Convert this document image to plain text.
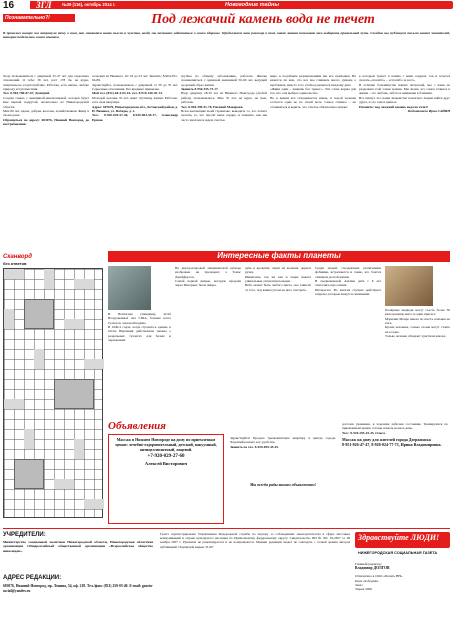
16 ЗГЛ №39 (116), октябрь 2014 г.	Новогодние тайны
Познавательно?!	Под лежачий камень вода не течет
В прошлом номере мы затронули тему о том, как меняются наши мысли и чувства, когда мы начинаем заботиться о своем здоровье. Продолжаем наш разговор о том, какие знания помогают нам выбирать правильный путь. Сегодня мы публикуем письма наших читателей, которые поделились своим опытом.

Хочу познакомиться с девушкой 25-37 лет для серьезных отношений. О себе: 36 лет, рост 178 см, не курю, спиртным не злоупотребляю. Работаю, есть жилье, люблю природу и путешествия.

Тел. 8-904-780-07-67, Дмитрий.

Создам семью с женщиной-пенсионеркой, которая будет мне верной подругой, желательно из Нижегородской области.

Мне 60 лет, вдова, добрая, веселая, хозяйственная. Живу в своем доме.

Обращаться по адресу: 603076, Нижний Новгород, до востребования.

сельских из Нижнего. От 18 до 23 лет. Звонить: 8-904-051-64-89.

Здравствуйте, познакомлюсь с девушкой от 30 до 35 лет. Серьезные отношения. Без вредных привычек.

Мой тел. (831)-60-4-03-16, тел. 8-910-140-45-14.

Молодой человек 35 лет, ищет спутницу жизни. Работаю, есть своя квартира.

Адрес: 607670, Нижегородская обл., Кстовский район, д. Н. Вязовка, ул. Победы, д. 2.

Тел.: 8-920-020-57-46, 8-920-004-56-17, Александр Ершов.

группы по общему заболеванию, работаю. Желаю познакомиться с одинокой женщиной 50-60 лет, ведущей здоровый образ жизни.

Звонить 8-950-355-73-17.

Надо девушку 28-35 лет из Нижнего Новгорода (любой район), познакомлюсь. Мне 35 лет, не курю, не пью, работаю.

Тел. 8-904-390-91-78, Евгений Макарова.

Всем желающим моей страничке, выводите то, что хотите сказать, то, что просят ваше сердце, и помните, как мы часто мечтаем и ждем счастья.

виде, к подобным размышлениям мы все приходим. Не кажется ли вам, что все мы слишком много думаем о проблемах, вместо того чтобы радоваться каждому дню.

«Живи один – живешь без тревог». Эти слова верны для тех, кто сам выбрал одиночество.

Но в жизни все складывается иначе, и порой человек остается один не по своей воле. Самое главное – не отчаиваться и верить, что счастье обязательно придет.

к которым трепет в наших с вами сердцах, так и хочется сказать «спасибо» – «Спасибо за все!».

В отличие большинства наших читателей, мы с вами не разделяем этой точки зрения. Мы знаем, что самое главное в жизни – это любовь, забота и внимание к близким.

Все пишут, что наши знакомства помогают людям найти друг друга, и это самое ценное.

Помните: под лежачий камень вода не течет!

Подготовила Ирма САЙИН

Сканворд
без ответов
Интересные факты планеты

В Пентагоне (Америка), штаб Вооруженных сил США, больше всего туалетов, чем необходимо.

В 1940-х годах, когда строилось здание, в штате Виргиния действовали законы о раздельных туалетах для белых и чернокожих.

На двухдолларовой американской купюре изображен не президент, а Томас Джефферсон.

Самой первой вещью, которую продали через Интернет, была пицца.

дить в кроватях, сидят на коленях, держат ручку.

Шимпанзе, так же как и люди, имеют уникальные отпечатки пальцев.

Небо может быть любого цвета, оно зависит от того, под каким углом на него смотреть.

Среди людей, страдающих различными фобиями, встречаются и такие, кто боится слишком долгой жизни.

В средневековой Англии дети с 6 лет считались взрослыми.

Интересно: Во многих странах действуют запреты, которые кажутся смешными.

Полярные медведи могут съесть более 30 килограммов мяса за один присест.

Мэрилин Монро имела по шесть пальцев на ноге.

Кроме человека, только слоны могут стоять на голове.

Только человек обладает чувством юмора.

Объявления

Массаж в Нижнем Новгороде на дому по приемлемым ценам: лечебно-оздоровительный, детский, вакуумный, антицеллюлитный, лицевой.

+7-920-029-27-60

Алексей Висторович

Здравствуйте! Продаю трехкомнатную квартиру в центре города. Хороший ремонт, все удобства.

Звонить по тел. 8-920-099-45-45.

Мы всегда рады вашим объявлениям!

достоин уважения, в хорошем рабочем состоянии. Тренируемся по приемлемым ценам, готовы помочь на весь день.

Тел.: 8-920-295-45-45. Ольга.

Массаж на дому для жителей города Дзержинска

8-951-926-47-47, 8-920-024-77-73, Ирина Владимировна.

УЧРЕДИТЕЛИ:
Министерство социальной политики Нижегородской области, Нижегородская областная организация Общероссийской общественной организации «Всероссийское общество инвалидов».
АДРЕС РЕДАКЦИИ:
603076, Нижний Новгород, пр. Ленина, 54, оф. 218. Тел./факс (831) 250-03-40. E-mail: gazeta-social@yandex.ru
Газета зарегистрирована Управлением Федеральной службы по надзору за соблюдением законодательства в сфере массовых коммуникаций и охране культурного наследия по Приволжскому федеральному округу. Свидетельство ПИ № ФС 18-2657 от 28 ноября 2007 г. Рукописи не рецензируются и не возвращаются. Мнение редакции может не совпадать с точкой зрения авторов публикаций. Подписной индекс 31167
Здравствуйте ЛЮДИ!
НИЖЕГОРОДСКАЯ СОЦИАЛЬНАЯ ГАЗЕТА

Главный редактор:

Владимир ДОЛГОВ

Отпечатано в ООО «Печать НН»

Цена свободная.

Заказ

Тираж 5000
